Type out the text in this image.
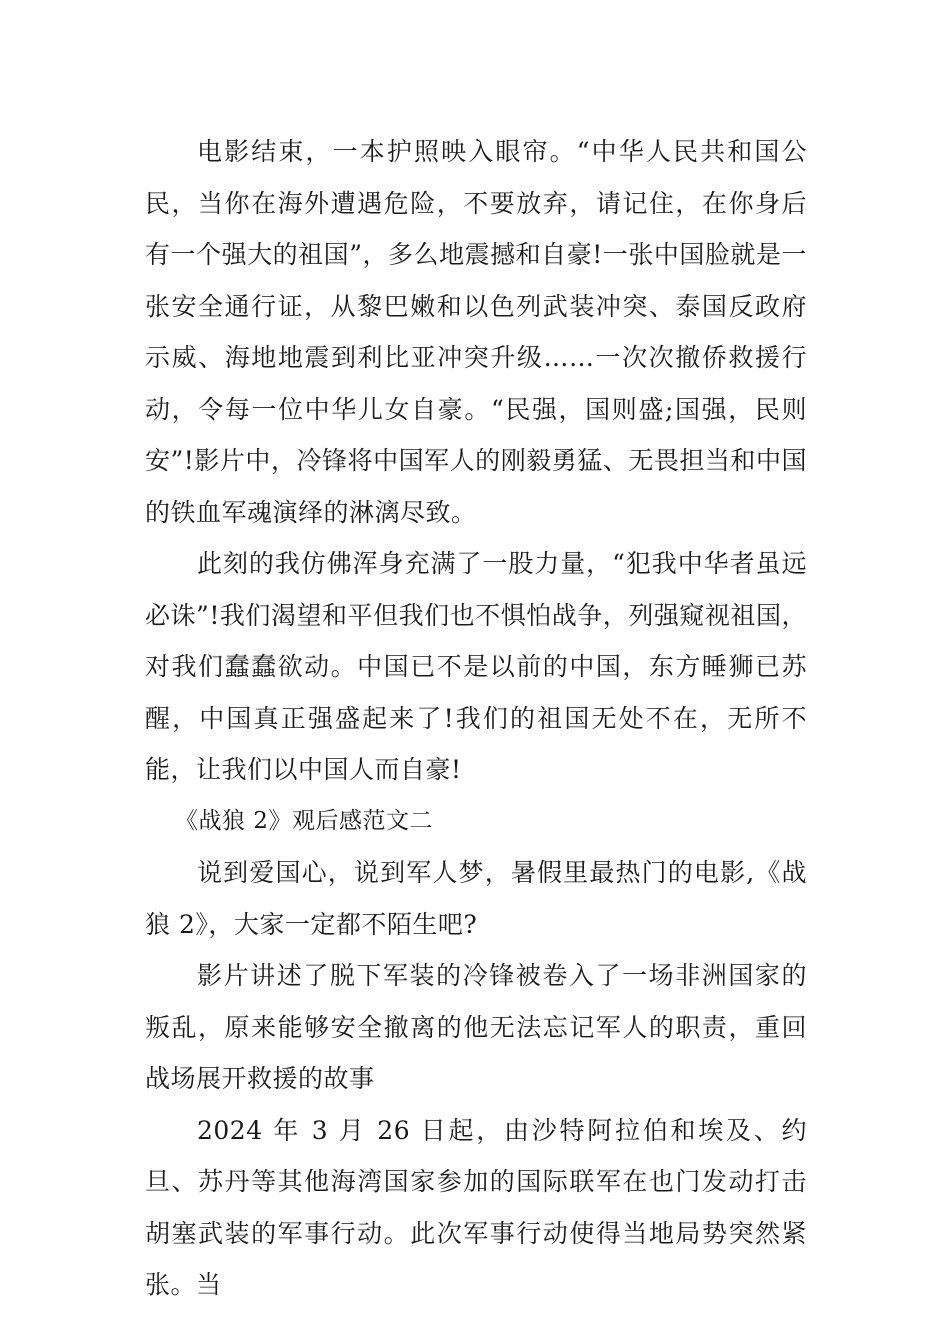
电影结束，一本护照映入眼帘。“中华人民共和国公民，当你在海外遭遇危险，不要放弃，请记住，在你身后有一个强大的祖国”，多么地震撼和自豪!一张中国脸就是一张安全通行证，从黎巴嫩和以色列武装冲突、泰国反政府示威、海地地震到利比亚冲突升级……一次次撤侨救援行动，令每一位中华儿女自豪。“民强，国则盛;国强，民则安”!影片中，冷锋将中国军人的刚毅勇猛、无畏担当和中国的铁血军魂演绎的淋漓尽致。

此刻的我仿佛浑身充满了一股力量，“犯我中华者虽远必诛”!我们渴望和平但我们也不惧怕战争，列强窥视祖国，对我们蠢蠢欲动。中国已不是以前的中国，东方睡狮已苏醒，中国真正强盛起来了!我们的祖国无处不在，无所不能，让我们以中国人而自豪!

《战狼 2》观后感范文二

说到爱国心，说到军人梦，暑假里最热门的电影,《战狼 2》，大家一定都不陌生吧?

影片讲述了脱下军装的冷锋被卷入了一场非洲国家的叛乱，原来能够安全撤离的他无法忘记军人的职责，重回战场展开救援的故事

2024 年 3 月 26 日起，由沙特阿拉伯和埃及、约旦、苏丹等其他海湾国家参加的国际联军在也门发动打击胡塞武装的军事行动。此次军事行动使得当地局势突然紧张。当
